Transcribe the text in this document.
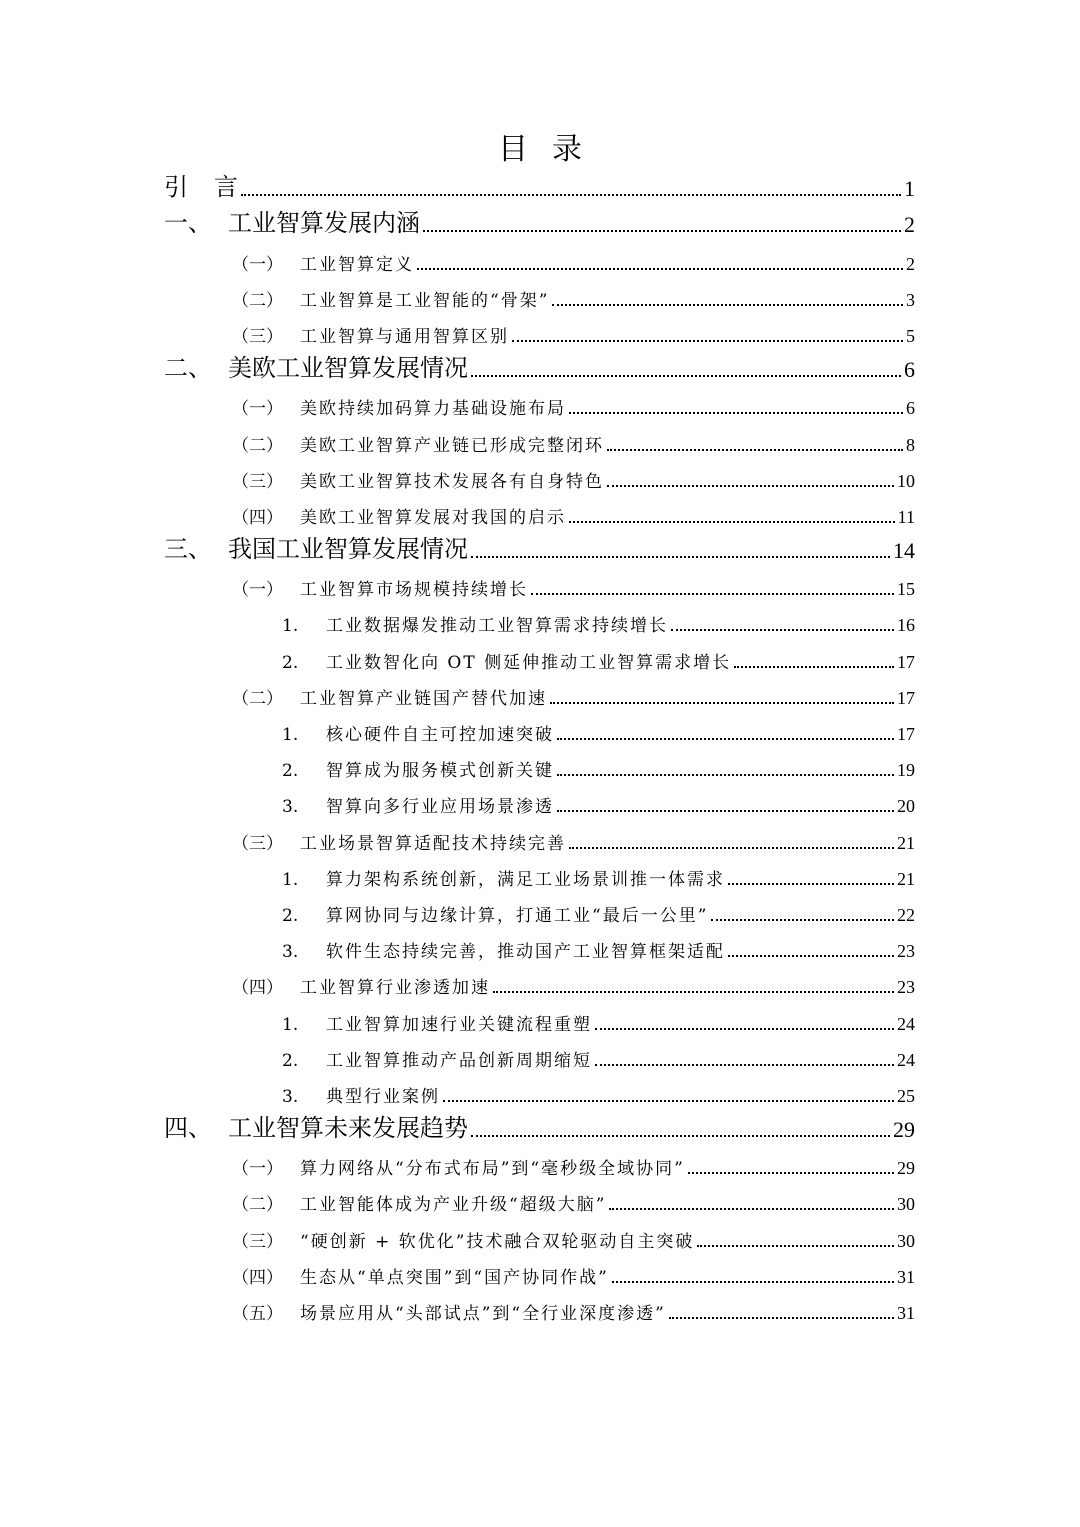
目 录
引	言	1
一、 工业智算发展内涵	2
（一）	工业智算定义	2
（二）	工业智算是工业智能的“骨架”	3
（三）	工业智算与通用智算区别	5
二、 美欧工业智算发展情况	6
（一）	美欧持续加码算力基础设施布局	6
（二）	美欧工业智算产业链已形成完整闭环	8
（三）	美欧工业智算技术发展各有自身特色	10
（四）	美欧工业智算发展对我国的启示	11
三、 我国工业智算发展情况	14
（一）	工业智算市场规模持续增长	15
1.	工业数据爆发推动工业智算需求持续增长	16
2.	工业数智化向 OT 侧延伸推动工业智算需求增长	17
（二）	工业智算产业链国产替代加速	17
1.	核心硬件自主可控加速突破	17
2.	智算成为服务模式创新关键	19
3.	智算向多行业应用场景渗透	20
（三）	工业场景智算适配技术持续完善	21
1.	算力架构系统创新，满足工业场景训推一体需求	21
2.	算网协同与边缘计算，打通工业“最后一公里”	22
3.	软件生态持续完善，推动国产工业智算框架适配	23
（四）	工业智算行业渗透加速	23
1.	工业智算加速行业关键流程重塑	24
2.	工业智算推动产品创新周期缩短	24
3.	典型行业案例	25
四、 工业智算未来发展趋势	29
（一）	算力网络从“分布式布局”到“毫秒级全域协同”	29
（二）	工业智能体成为产业升级“超级大脑”	30
（三）	“硬创新 + 软优化”技术融合双轮驱动自主突破	30
（四）	生态从“单点突围”到“国产协同作战”	31
（五）	场景应用从“头部试点”到“全行业深度渗透”	31
